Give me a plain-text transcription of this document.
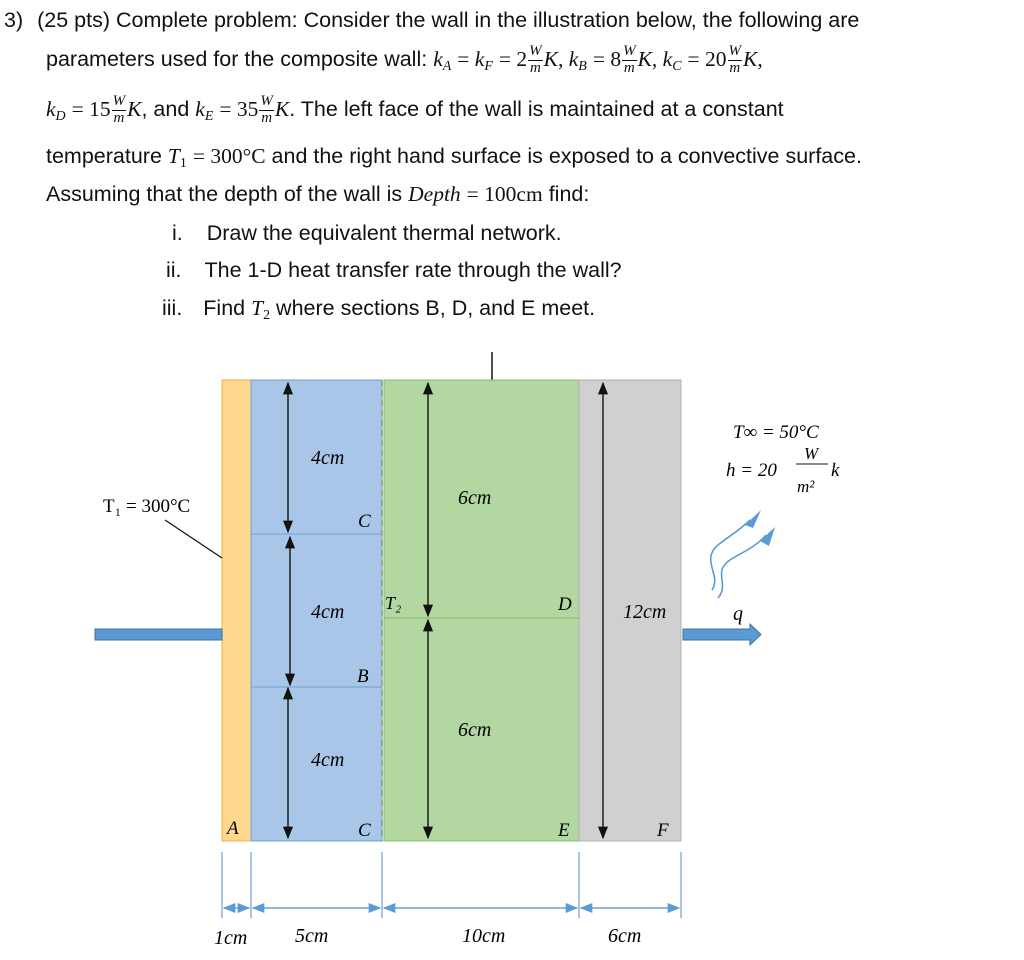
3) (25 pts) Complete problem: Consider the wall in the illustration below, the following are
parameters used for the composite wall: $k_A = k_F = 2 \frac{W}{m} K$, $k_B = 8 \frac{W}{m} K$, $k_C = 20 \frac{W}{m} K$,
$k_D = 15 \frac{W}{m} K$, and $k_E = 35 \frac{W}{m} K$. The left face of the wall is maintained at a constant
temperature $T_1 = 300^\circ C$ and the right hand surface is exposed to a convective surface.
Assuming that the depth of the wall is Depth = 100cm find:
i. Draw the equivalent thermal network.
ii. The 1-D heat transfer rate through the wall?
iii. Find $T_2$ where sections B, D, and E meet.
T₁ = 300°C
4cm
4cm
4cm
6cm
6cm
12cm
C
B
C
A
D
E	F
T₂
T∞ = 50°C
h = 20
W
m²
k
q
1cm 5cm	10cm	6cm
